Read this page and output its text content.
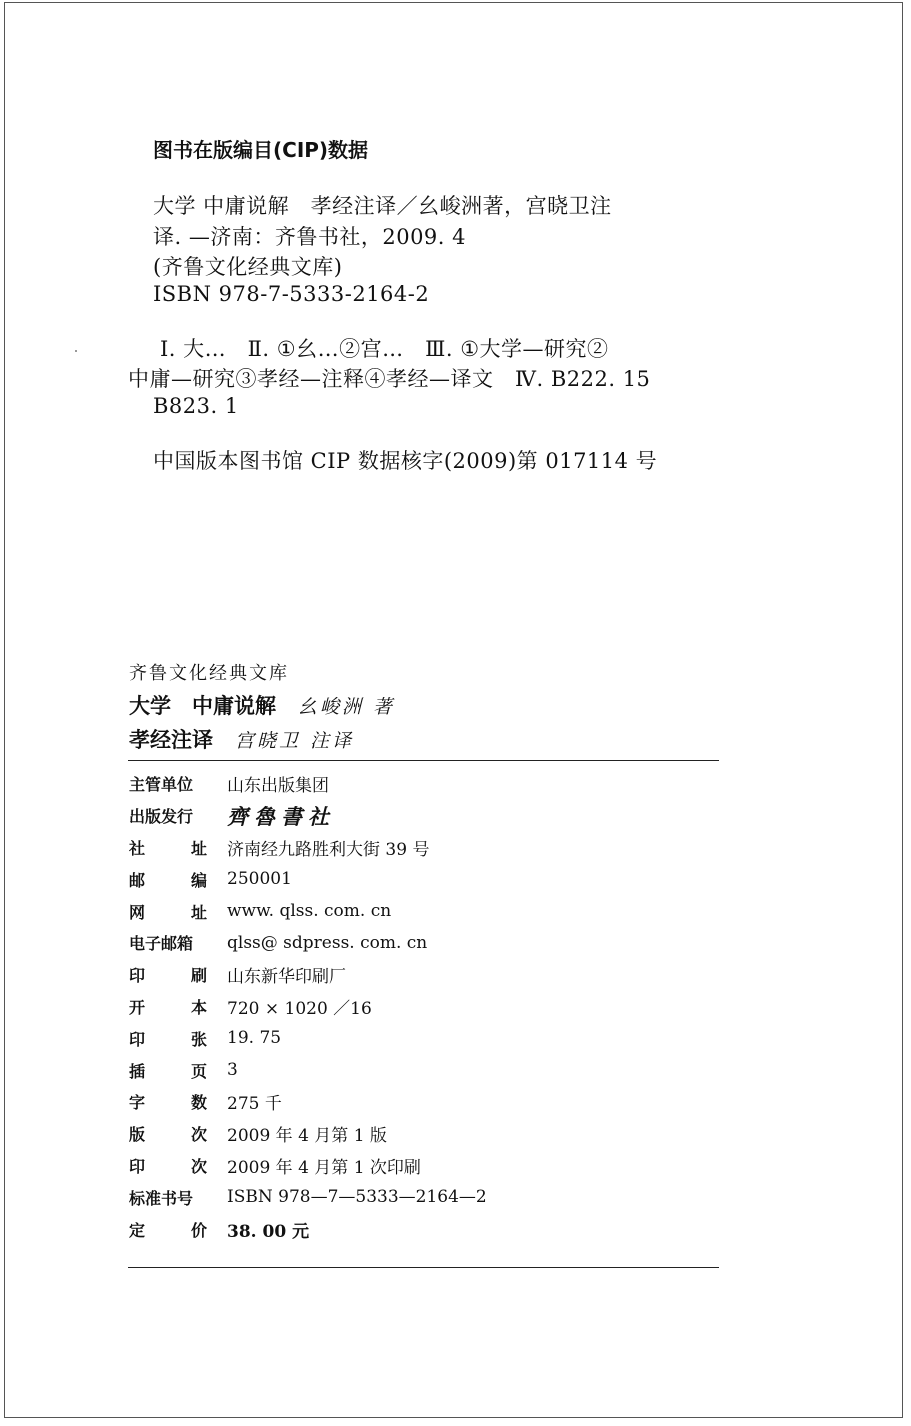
图书在版编目(CIP)数据
大学 中庸说解　孝经注译／幺峻洲著，宫晓卫注
译. —济南：齐鲁书社，2009. 4
(齐鲁文化经典文库)
ISBN 978-7-5333-2164-2
Ⅰ. 大…　Ⅱ. ①幺…②宫…　Ⅲ. ①大学—研究②
中庸—研究③孝经—注释④孝经—译文　Ⅳ. B222. 15
B823. 1
中国版本图书馆 CIP 数据核字(2009)第 017114 号
齐鲁文化经典文库
大学　中庸说解 幺峻洲 著
孝经注译 宫晓卫 注译
主管单位 山东出版集团
出版发行 齊魯書社
社	址 济南经九路胜利大街 39 号
邮	编 250001
网	址 www. qlss. com. cn
电子邮箱 qlss@ sdpress. com. cn
印	刷 山东新华印刷厂
开	本 720 × 1020 ／16
印	张 19. 75
插	页 3
字	数 275 千
版	次 2009 年 4 月第 1 版
印	次 2009 年 4 月第 1 次印刷
标准书号 ISBN 978—7—5333—2164—2
定	价 38. 00 元
